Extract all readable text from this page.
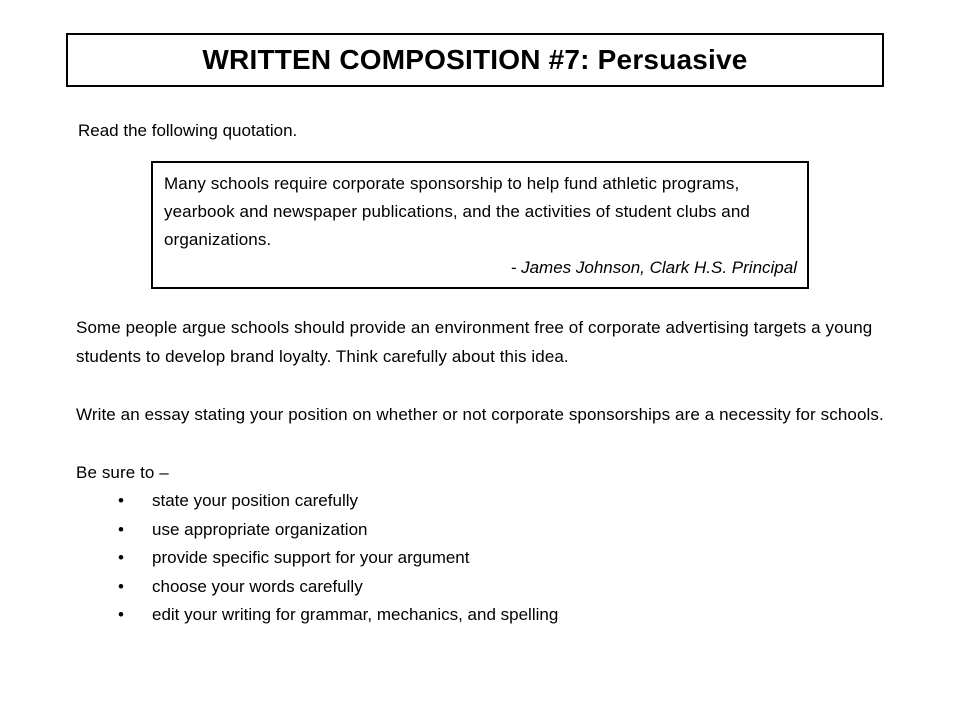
WRITTEN COMPOSITION #7: Persuasive

Read the following quotation.

Many schools require corporate sponsorship to help fund athletic programs, yearbook and newspaper publications, and the activities of student clubs and organizations.

- James Johnson, Clark H.S. Principal

Some people argue schools should provide an environment free of corporate advertising targets a young students to develop brand loyalty. Think carefully about this idea.

Write an essay stating your position on whether or not corporate sponsorships are a necessity for schools.

Be sure to –

• state your position carefully
• use appropriate organization
• provide specific support for your argument
• choose your words carefully
• edit your writing for grammar, mechanics, and spelling
